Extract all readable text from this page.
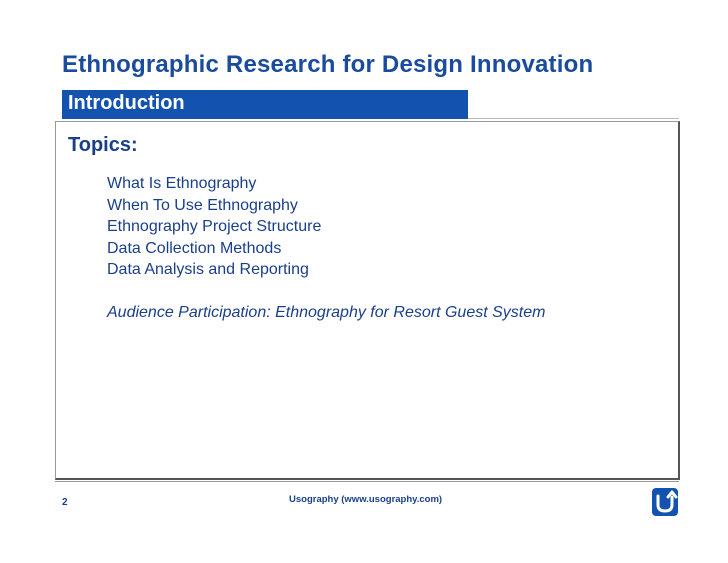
Ethnographic Research for Design Innovation
Introduction
Topics:
What Is Ethnography
When To Use Ethnography
Ethnography Project Structure
Data Collection Methods
Data Analysis and Reporting
Audience Participation: Ethnography for Resort Guest System
2	Usography (www.usography.com)
